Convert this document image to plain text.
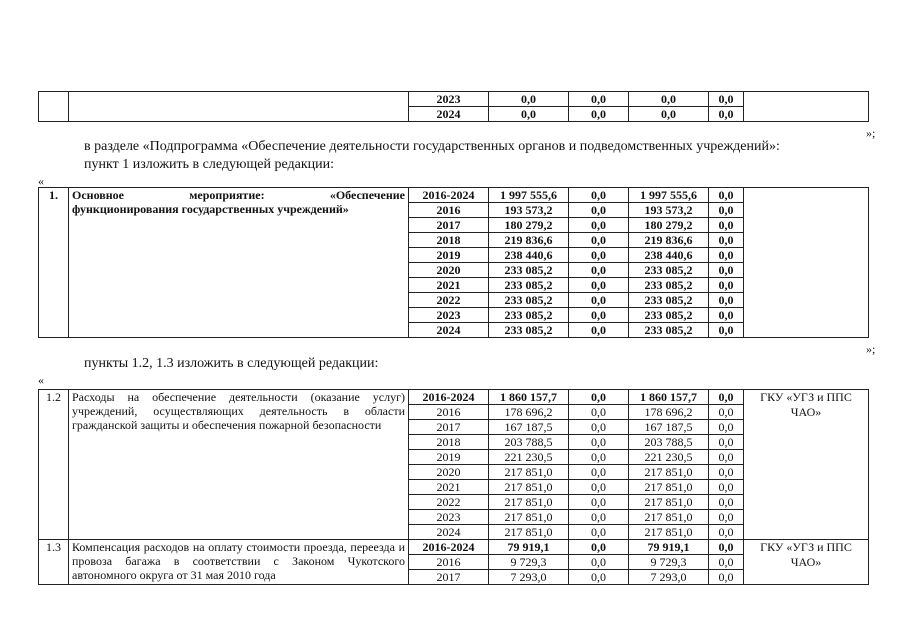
		2023	0,0	0,0	0,0	0,0	
		2024	0,0	0,0	0,0	0,0	
»;
в разделе «Подпрограмма «Обеспечение деятельности государственных органов и подведомственных учреждений»:
пункт 1 изложить в следующей редакции:
«
1.	Основное мероприятие: «Обеспечение
функционирования государственных учреждений»	2016-2024	1 997 555,6	0,0	1 997 555,6	0,0	
		2016	193 573,2	0,0	193 573,2	0,0	
		2017	180 279,2	0,0	180 279,2	0,0	
		2018	219 836,6	0,0	219 836,6	0,0	
		2019	238 440,6	0,0	238 440,6	0,0	
		2020	233 085,2	0,0	233 085,2	0,0	
		2021	233 085,2	0,0	233 085,2	0,0	
		2022	233 085,2	0,0	233 085,2	0,0	
		2023	233 085,2	0,0	233 085,2	0,0	
		2024	233 085,2	0,0	233 085,2	0,0	
»;
пункты 1.2, 1.3 изложить в следующей редакции:
«
1.2	Расходы на обеспечение деятельности (оказание услуг) учреждений, осуществляющих деятельность в области гражданской защиты и обеспечения пожарной безопасности	2016-2024	1 860 157,7	0,0	1 860 157,7	0,0	ГКУ «УГЗ и ППС
ЧАО»

		2016	178 696,2	0,0	178 696,2	0,0	
		2017	167 187,5	0,0	167 187,5	0,0	
		2018	203 788,5	0,0	203 788,5	0,0	
		2019	221 230,5	0,0	221 230,5	0,0	
		2020	217 851,0	0,0	217 851,0	0,0	
		2021	217 851,0	0,0	217 851,0	0,0	
		2022	217 851,0	0,0	217 851,0	0,0	
		2023	217 851,0	0,0	217 851,0	0,0	
		2024	217 851,0	0,0	217 851,0	0,0	
1.3	Компенсация расходов на оплату стоимости проезда, переезда и провоза багажа в соответствии с Законом Чукотского автономного округа от 31 мая 2010 года	2016-2024	79 919,1	0,0	79 919,1	0,0	ГКУ «УГЗ и ППС
ЧАО»

		2016	9 729,3	0,0	9 729,3	0,0	
		2017	7 293,0	0,0	7 293,0	0,0	
